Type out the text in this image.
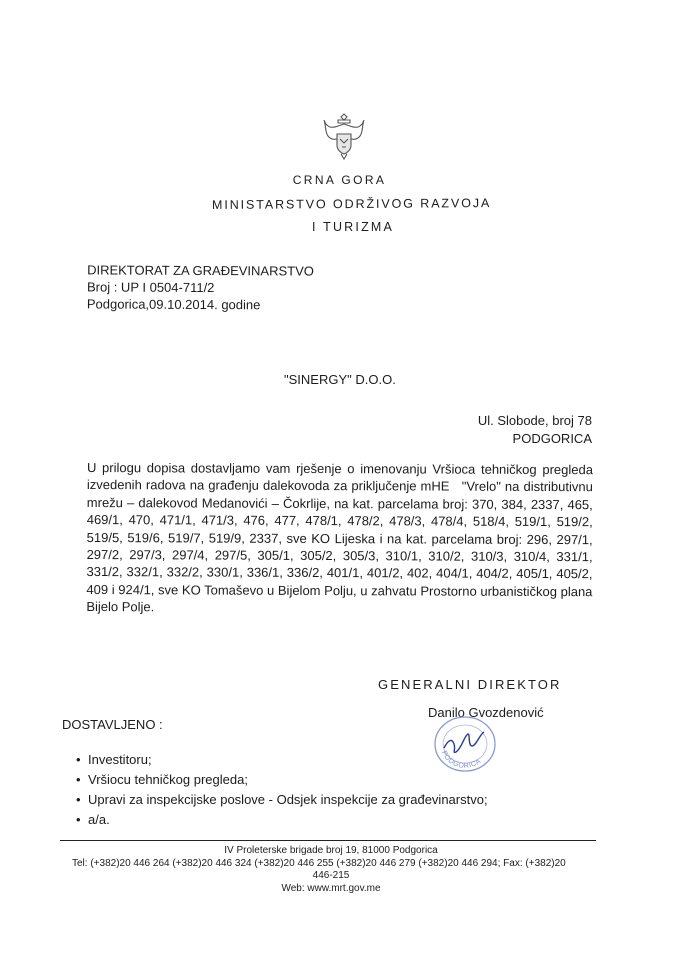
CRNA GORA
MINISTARSTVO ODRŽIVOG RAZVOJA
I TURIZMA
DIREKTORAT ZA GRAĐEVINARSTVO
Broj : UP I 0504-711/2
Podgorica,09.10.2014. godine
"SINERGY" D.O.O.
Ul. Slobode, broj 78
PODGORICA
U prilogu dopisa dostavljamo vam rješenje o imenovanju Vršioca tehničkog pregleda izvedenih radova na građenju dalekovoda za priključenje mHE   "Vrelo" na distributivnu mrežu – dalekovod Medanovići – Čokrlije, na kat. parcelama broj: 370, 384, 2337, 465, 469/1, 470, 471/1, 471/3, 476, 477, 478/1, 478/2, 478/3, 478/4, 518/4, 519/1, 519/2, 519/5, 519/6, 519/7, 519/9, 2337, sve KO Lijeska i na kat. parcelama broj: 296, 297/1, 297/2, 297/3, 297/4, 297/5, 305/1, 305/2, 305/3, 310/1, 310/2, 310/3, 310/4, 331/1, 331/2, 332/1, 332/2, 330/1, 336/1, 336/2, 401/1, 401/2, 402, 404/1, 404/2, 405/1, 405/2, 409 i 924/1, sve KO Tomaševo u Bijelom Polju, u zahvatu Prostorno urbanističkog plana Bijelo Polje.
GENERALNI DIREKTOR
Danilo Gvozdenović
PODGORICA
DOSTAVLJENO :
• Investitoru;
• Vršiocu tehničkog pregleda;
• Upravi za inspekcijske poslove - Odsjek inspekcije za građevinarstvo;
• a/a.
IV Proleterske brigade broj 19, 81000 Podgorica
Tel: (+382)20 446 264 (+382)20 446 324 (+382)20 446 255 (+382)20 446 279 (+382)20 446 294; Fax: (+382)20
446-215
Web: www.mrt.gov.me
